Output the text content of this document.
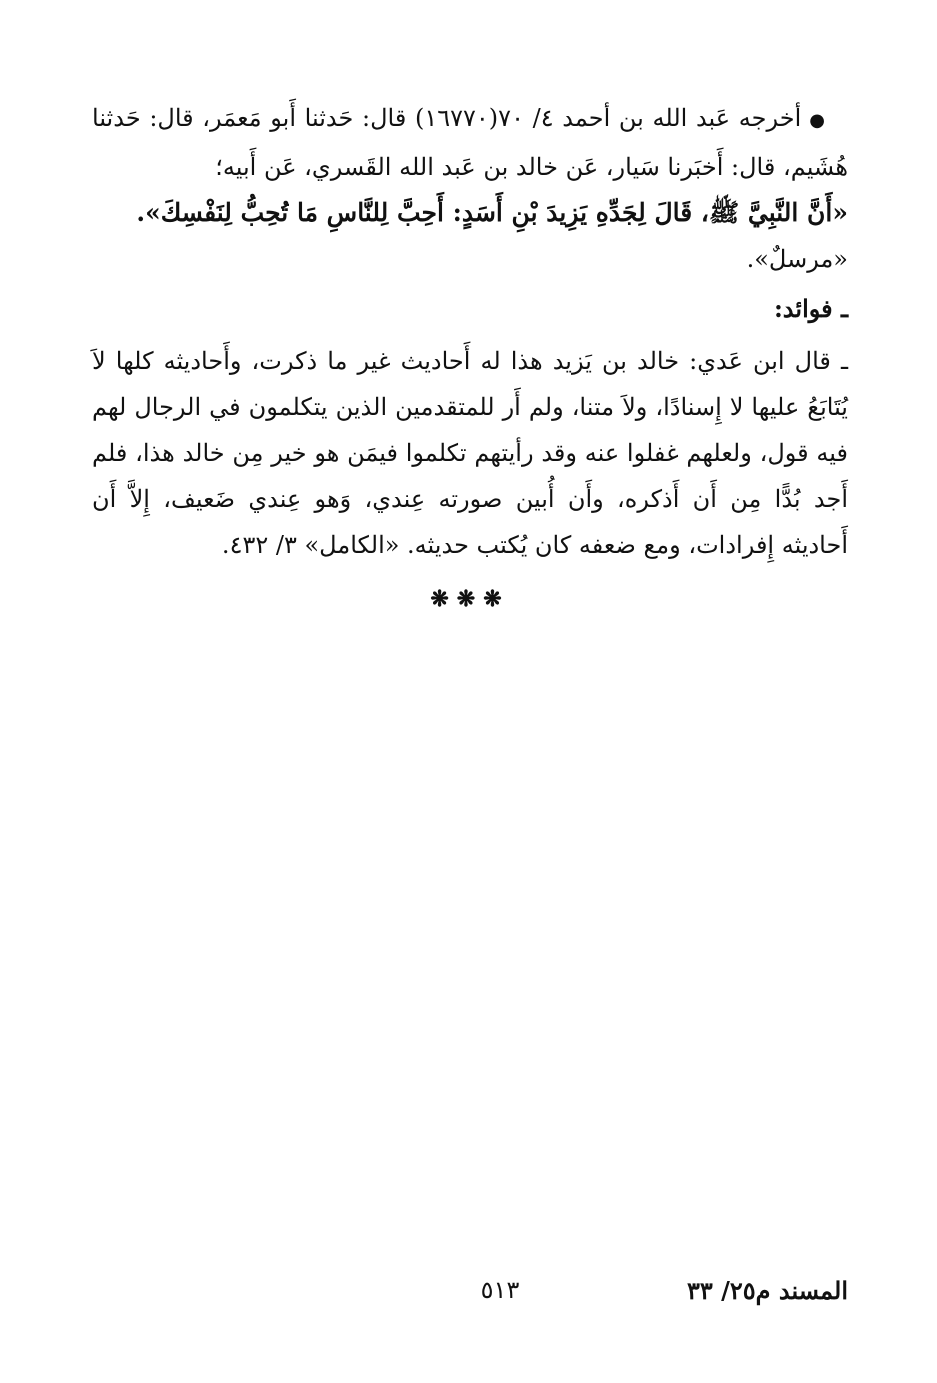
●أخرجه عَبد الله بن أحمد ٤/ ٧٠(١٦٧٧٠) قال: حَدثنا أَبو مَعمَر، قال: حَدثنا هُشَيم، قال: أَخبَرنا سَيار، عَن خالد بن عَبد الله القَسري، عَن أَبيه؛

«أَنَّ النَّبِيَّ ﷺ، قَالَ لِجَدِّهِ يَزِيدَ بْنِ أَسَدٍ: أَحِبَّ لِلنَّاسِ مَا تُحِبُّ لِنَفْسِكَ».

«مرسلٌ».

ـ فوائد:

ـ قال ابن عَدي: خالد بن يَزيد هذا له أَحاديث غير ما ذكرت، وأَحاديثه كلها لاَ يُتَابَعُ عليها لا إِسنادًا، ولاَ متنا، ولم أَر للمتقدمين الذين يتكلمون في الرجال لهم فيه قول، ولعلهم غفلوا عنه وقد رأيتهم تكلموا فيمَن هو خير مِن خالد هذا، فلم أَجد بُدًّا مِن أَن أَذكره، وأَن أُبين صورته عِندي، وَهو عِندي ضَعيف، إِلاَّ أَن أَحاديثه إِفرادات، ومع ضعفه كان يُكتب حديثه. «الكامل» ٣/ ٤٣٢.

❋❋❋
المسند م٢٥/ ٣٣
٥١٣
